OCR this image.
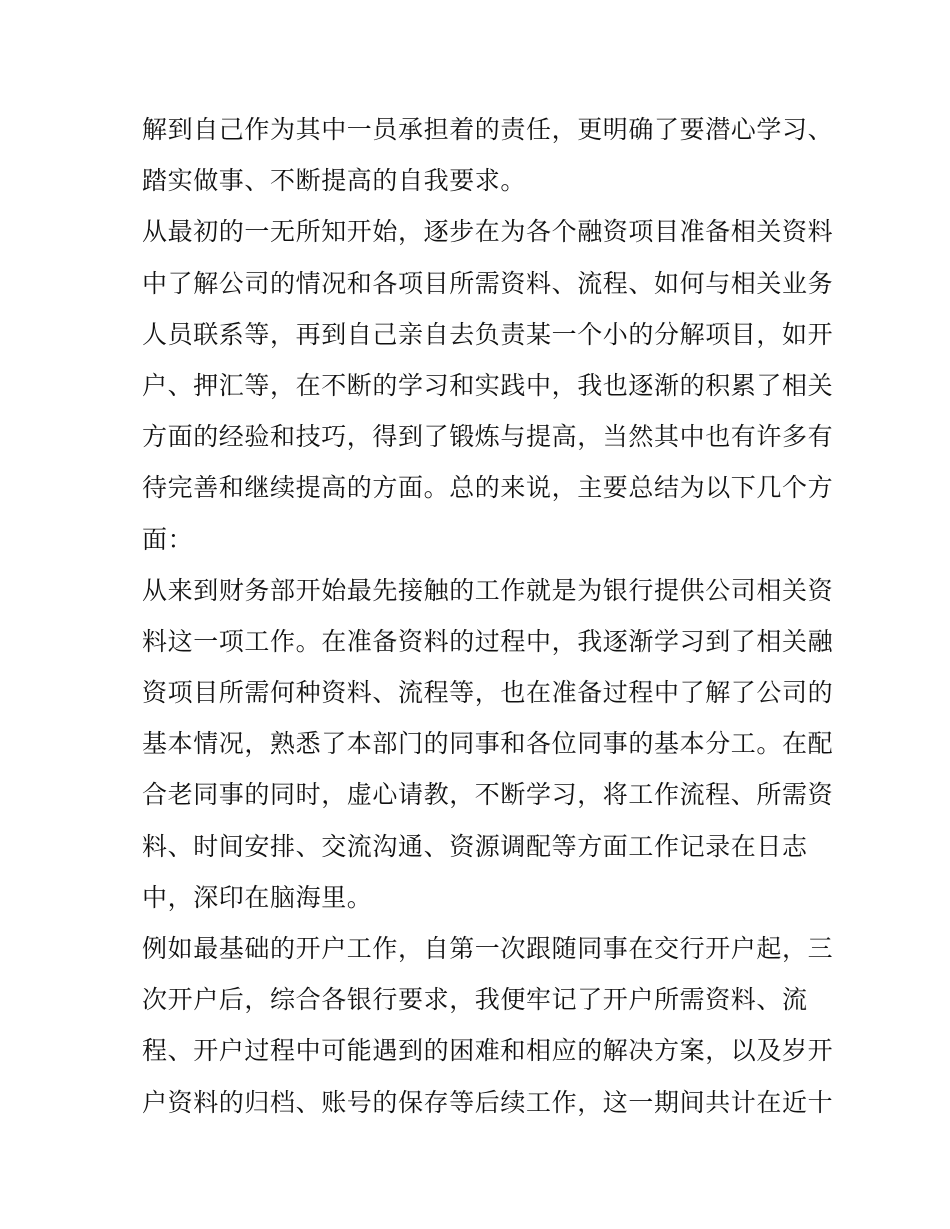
解到自己作为其中一员承担着的责任，更明确了要潜心学习、
踏实做事、不断提高的自我要求。
从最初的一无所知开始，逐步在为各个融资项目准备相关资料
中了解公司的情况和各项目所需资料、流程、如何与相关业务
人员联系等，再到自己亲自去负责某一个小的分解项目，如开
户、押汇等，在不断的学习和实践中，我也逐渐的积累了相关
方面的经验和技巧，得到了锻炼与提高，当然其中也有许多有
待完善和继续提高的方面。总的来说，主要总结为以下几个方
面：
从来到财务部开始最先接触的工作就是为银行提供公司相关资
料这一项工作。在准备资料的过程中，我逐渐学习到了相关融
资项目所需何种资料、流程等，也在准备过程中了解了公司的
基本情况，熟悉了本部门的同事和各位同事的基本分工。在配
合老同事的同时，虚心请教，不断学习，将工作流程、所需资
料、时间安排、交流沟通、资源调配等方面工作记录在日志
中，深印在脑海里。
例如最基础的开户工作，自第一次跟随同事在交行开户起，三
次开户后，综合各银行要求，我便牢记了开户所需资料、流
程、开户过程中可能遇到的困难和相应的解决方案，以及岁开
户资料的归档、账号的保存等后续工作，这一期间共计在近十
